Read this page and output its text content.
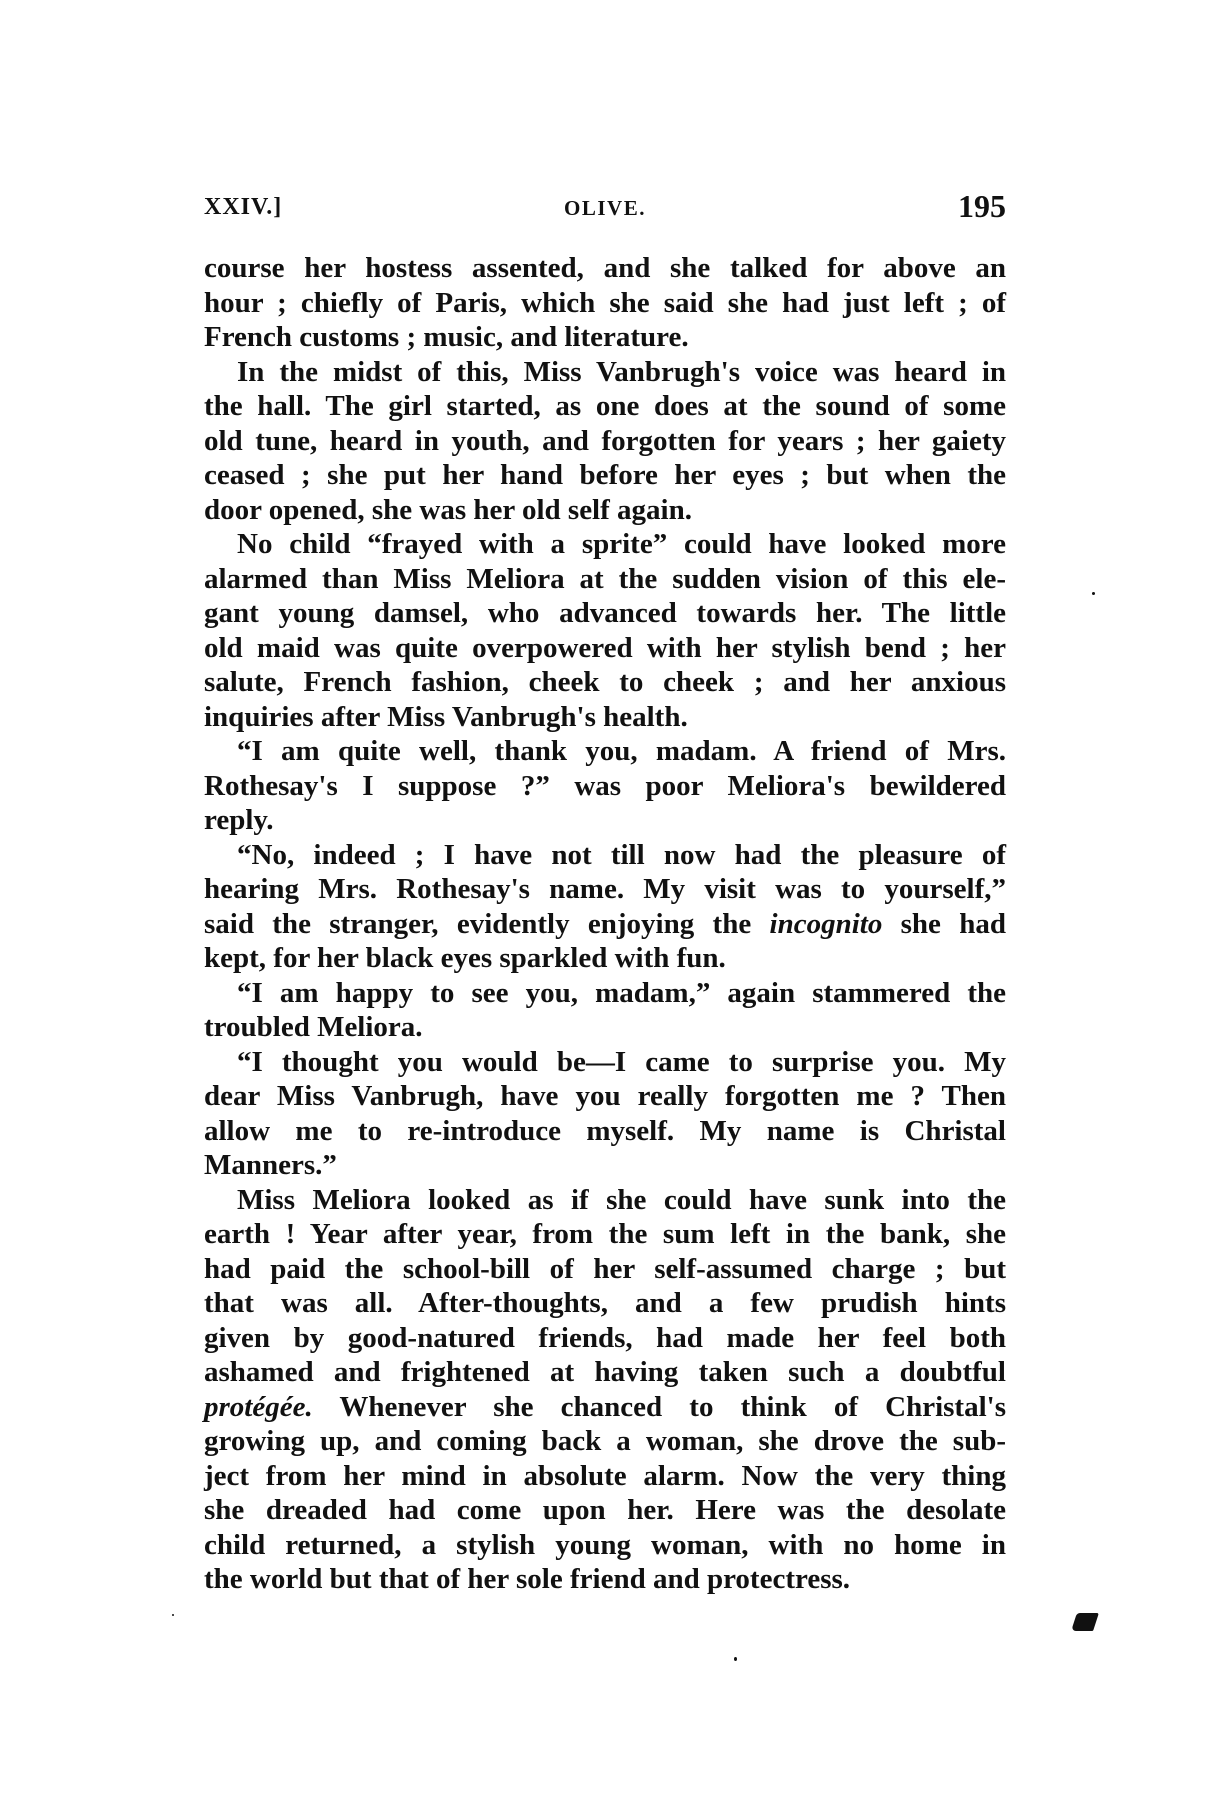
XXIV.]	OLIVE.	195
course her hostess assented, and she talked for above an
hour ; chiefly of Paris, which she said she had just left ; of
French customs ; music, and literature.
In the midst of this, Miss Vanbrugh's voice was heard in
the hall. The girl started, as one does at the sound of some
old tune, heard in youth, and forgotten for years ; her gaiety
ceased ; she put her hand before her eyes ; but when the
door opened, she was her old self again.
No child “frayed with a sprite” could have looked more
alarmed than Miss Meliora at the sudden vision of this ele-
gant young damsel, who advanced towards her. The little
old maid was quite overpowered with her stylish bend ; her
salute, French fashion, cheek to cheek ; and her anxious
inquiries after Miss Vanbrugh's health.
“I am quite well, thank you, madam. A friend of Mrs.
Rothesay's I suppose ?” was poor Meliora's bewildered
reply.
“No, indeed ; I have not till now had the pleasure of
hearing Mrs. Rothesay's name. My visit was to yourself,”
said the stranger, evidently enjoying the incognito she had
kept, for her black eyes sparkled with fun.
“I am happy to see you, madam,” again stammered the
troubled Meliora.
“I thought you would be—I came to surprise you. My
dear Miss Vanbrugh, have you really forgotten me ? Then
allow me to re-introduce myself. My name is Christal
Manners.”
Miss Meliora looked as if she could have sunk into the
earth ! Year after year, from the sum left in the bank, she
had paid the school-bill of her self-assumed charge ; but
that was all. After-thoughts, and a few prudish hints
given by good-natured friends, had made her feel both
ashamed and frightened at having taken such a doubtful
protégée. Whenever she chanced to think of Christal's
growing up, and coming back a woman, she drove the sub-
ject from her mind in absolute alarm. Now the very thing
she dreaded had come upon her. Here was the desolate
child returned, a stylish young woman, with no home in
the world but that of her sole friend and protectress.
